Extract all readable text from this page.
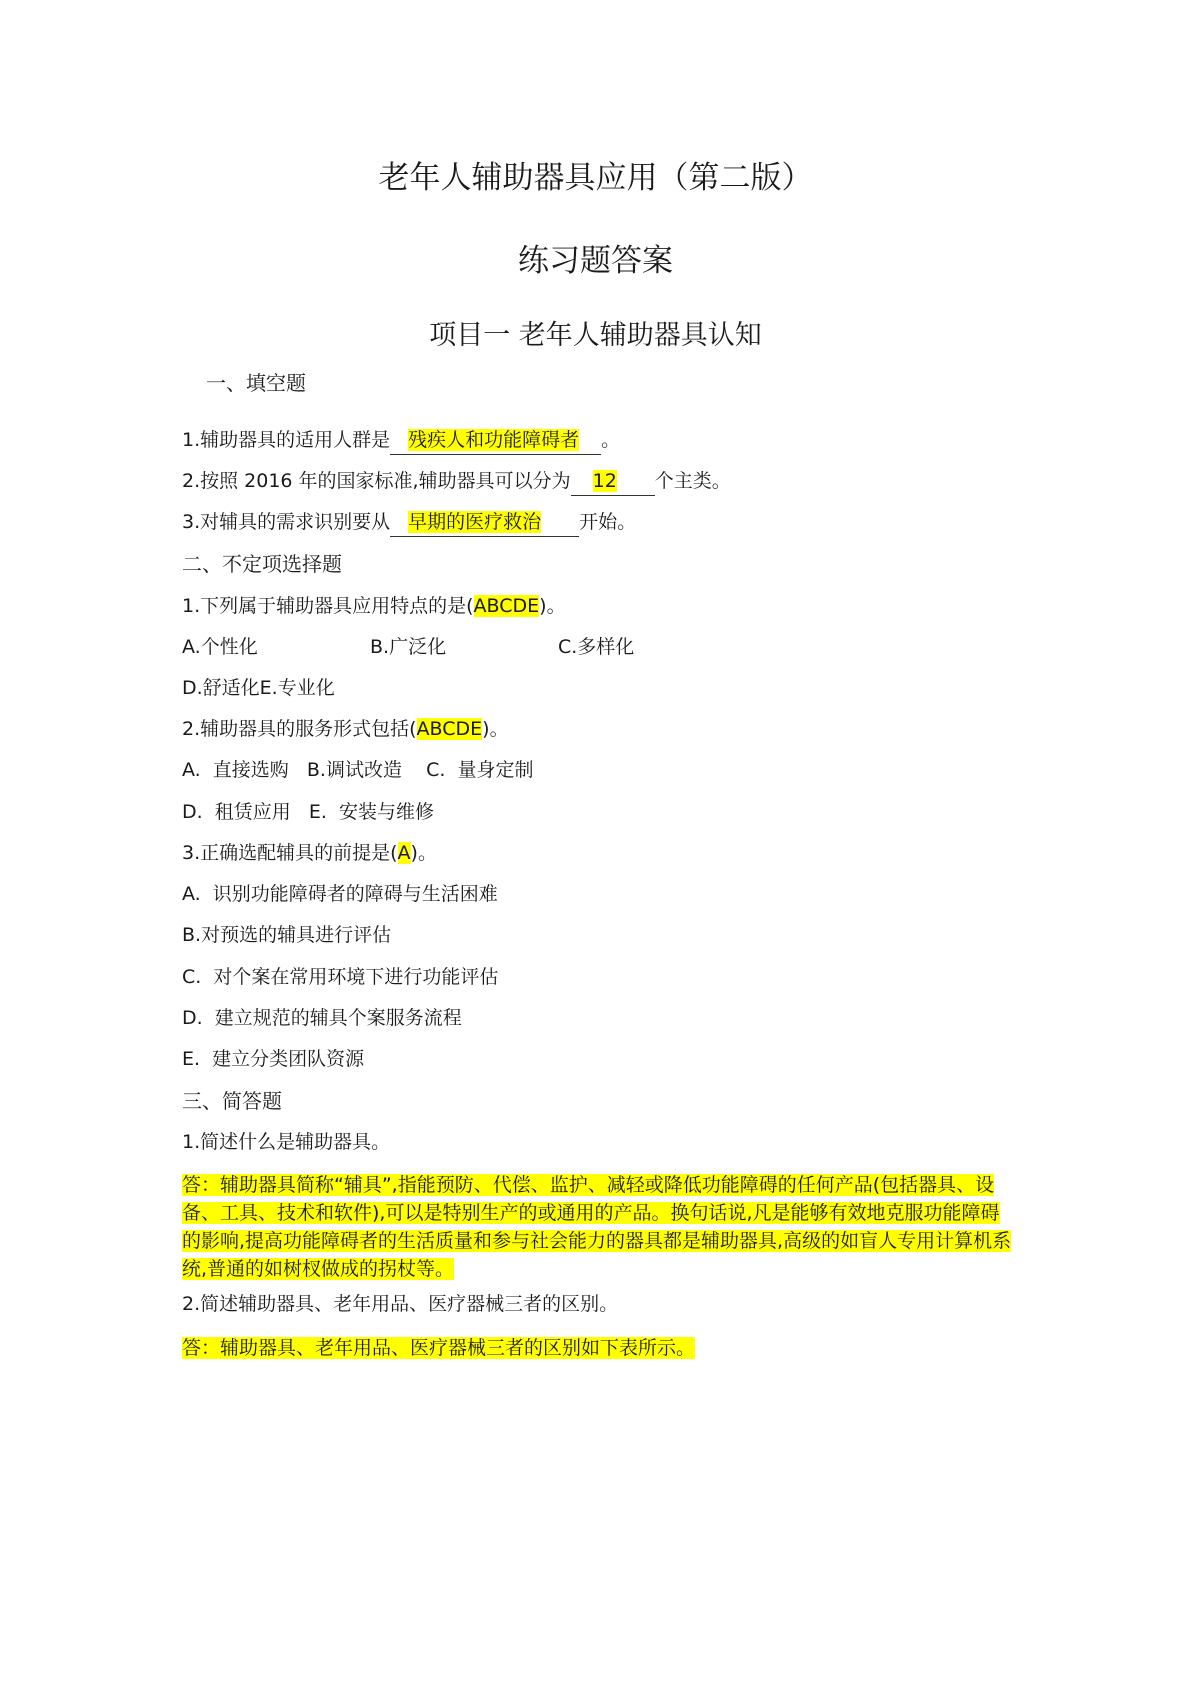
老年人辅助器具应用（第二版）
练习题答案
项目一 老年人辅助器具认知

一、填空题

1.辅助器具的适用人群是 残疾人和功能障碍者 。

2.按照 2016 年的国家标准,辅助器具可以分为 12 个主类。

3.对辅具的需求识别要从 早期的医疗救治 开始。

二、不定项选择题

1.下列属于辅助器具应用特点的是(ABCDE)。

A.个性化	B.广泛化	C.多样化

D.舒适化E.专业化

2.辅助器具的服务形式包括(ABCDE)。

A.  直接选购   B.调试改造    C.  量身定制

D.  租赁应用   E.  安装与维修

3.正确选配辅具的前提是(A)。

A.  识别功能障碍者的障碍与生活困难

B.对预选的辅具进行评估

C.  对个案在常用环境下进行功能评估

D.  建立规范的辅具个案服务流程

E.  建立分类团队资源

三、简答题

1.简述什么是辅助器具。

答：辅助器具简称“辅具”,指能预防、代偿、监护、减轻或降低功能障碍的任何产品(包括器具、设备、工具、技术和软件),可以是特别生产的或通用的产品。换句话说,凡是能够有效地克服功能障碍的影响,提高功能障碍者的生活质量和参与社会能力的器具都是辅助器具,高级的如盲人专用计算机系统,普通的如树杈做成的拐杖等。

2.简述辅助器具、老年用品、医疗器械三者的区别。

答：辅助器具、老年用品、医疗器械三者的区别如下表所示。
